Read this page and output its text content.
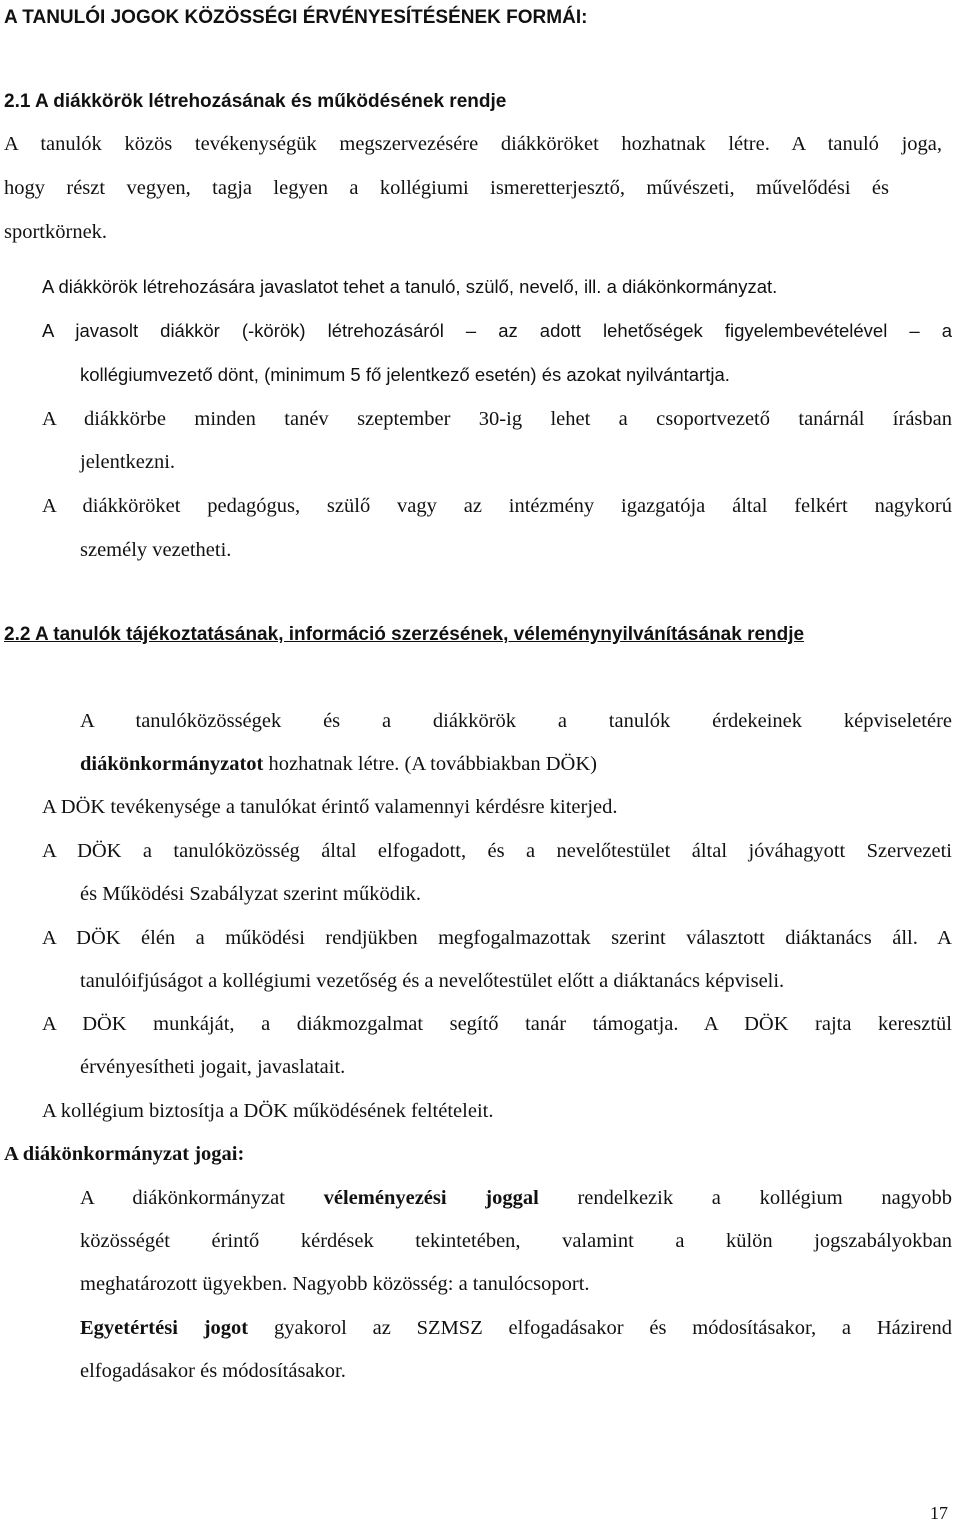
A TANULÓI JOGOK KÖZÖSSÉGI ÉRVÉNYESÍTÉSÉNEK FORMÁI:
2.1 A diákkörök létrehozásának és működésének rendje
A tanulók közös tevékenységük megszervezésére diákköröket hozhatnak létre. A tanuló joga,
hogy részt vegyen, tagja legyen a kollégiumi ismeretterjesztő, művészeti, művelődési és
sportkörnek.
A diákkörök létrehozására javaslatot tehet a tanuló, szülő, nevelő, ill. a diákönkormányzat.
A javasolt diákkör (-körök) létrehozásáról – az adott lehetőségek figyelembevételével – a
kollégiumvezető dönt, (minimum 5 fő jelentkező esetén) és azokat nyilvántartja.
A diákkörbe minden tanév szeptember 30-ig lehet a csoportvezető tanárnál írásban
jelentkezni.
A diákköröket pedagógus, szülő vagy az intézmény igazgatója által felkért nagykorú
személy vezetheti.
2.2 A tanulók tájékoztatásának, információ szerzésének, véleménynyilvánításának rendje
A tanulóközösségek és a diákkörök a tanulók érdekeinek képviseletére
diákönkormányzatot hozhatnak létre. (A továbbiakban DÖK)
A DÖK tevékenysége a tanulókat érintő valamennyi kérdésre kiterjed.
A DÖK a tanulóközösség által elfogadott, és a nevelőtestület által jóváhagyott Szervezeti
és Működési Szabályzat szerint működik.
A DÖK élén a működési rendjükben megfogalmazottak szerint választott diáktanács áll. A
tanulóifjúságot a kollégiumi vezetőség és a nevelőtestület előtt a diáktanács képviseli.
A DÖK munkáját, a diákmozgalmat segítő tanár támogatja. A DÖK rajta keresztül
érvényesítheti jogait, javaslatait.
A kollégium biztosítja a DÖK működésének feltételeit.
A diákönkormányzat jogai:
A diákönkormányzat véleményezési joggal rendelkezik a kollégium nagyobb
közösségét érintő kérdések tekintetében, valamint a külön jogszabályokban
meghatározott ügyekben. Nagyobb közösség: a tanulócsoport.
Egyetértési jogot gyakorol az SZMSZ elfogadásakor és módosításakor, a Házirend
elfogadásakor és módosításakor.
17
